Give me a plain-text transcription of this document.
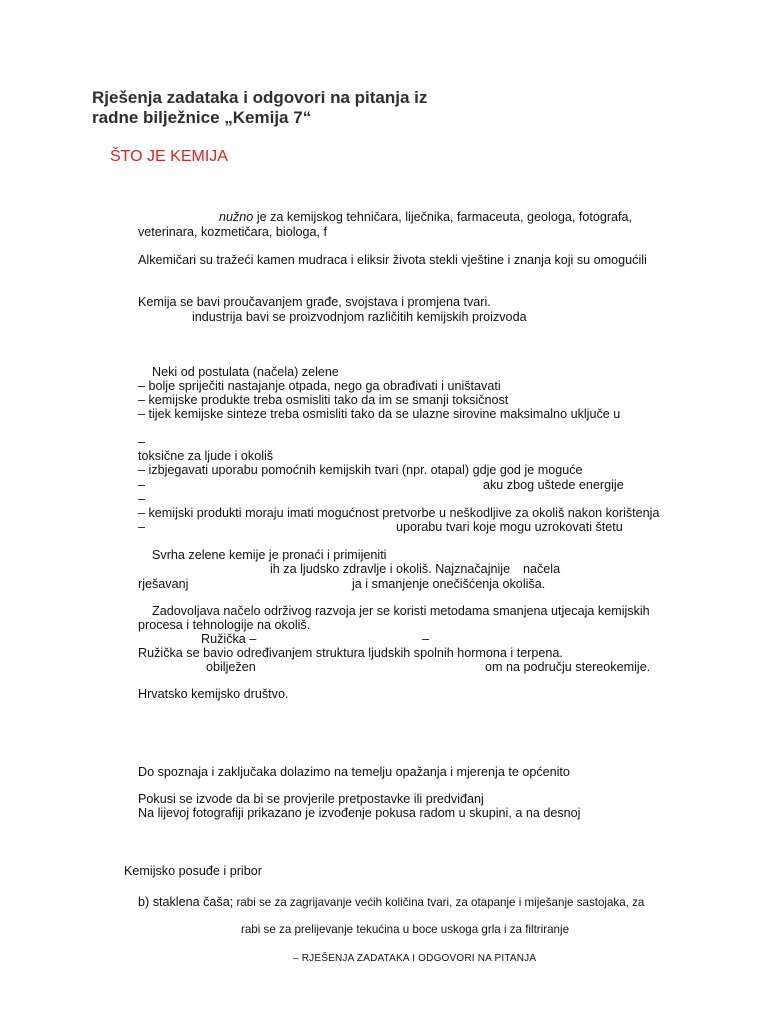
Rješenja zadataka i odgovori na pitanja iz
radne bilježnice „Kemija 7“
ŠTO JE KEMIJA
nužno je za kemijskog tehničara, liječnika, farmaceuta, geologa, fotografa,
veterinara, kozmetičara, biologa, f
Alkemičari su tražeći kamen mudraca i eliksir života stekli vještine i znanja koji su omogućili
Kemija se bavi proučavanjem građe, svojstava i promjena tvari.
industrija bavi se proizvodnjom različitih kemijskih proizvoda
Neki od postulata (načela) zelene
– bolje spriječiti nastajanje otpada, nego ga obrađivati i uništavati
– kemijske produkte treba osmisliti tako da im se smanji toksičnost
– tijek kemijske sinteze treba osmisliti tako da se ulazne sirovine maksimalno uključe u
–
toksične za ljude i okoliš
– izbjegavati uporabu pomoćnih kemijskih tvari (npr. otapal) gdje god je moguće
–	aku zbog uštede energije
–
– kemijski produkti moraju imati mogućnost pretvorbe u neškodljive za okoliš nakon korištenja
–	uporabu tvari koje mogu uzrokovati štetu
Svrha zelene kemije je pronaći i primijeniti
ih za ljudsko zdravlje i okoliš. Najznačajnije načela
rješavanj	ja i smanjenje onečišćenja okoliša.
Zadovoljava načelo održivog razvoja jer se koristi metodama smanjena utjecaja kemijskih
procesa i tehnologije na okoliš.
Ružička –	–
Ružička se bavio određivanjem struktura ljudskih spolnih hormona i terpena.
obilježen	om na području stereokemije.
Hrvatsko kemijsko društvo.
Do spoznaja i zaključaka dolazimo na temelju opažanja i mjerenja te općenito
Pokusi se izvode da bi se provjerile pretpostavke ili predviđanj
Na lijevoj fotografiji prikazano je izvođenje pokusa radom u skupini, a na desnoj
Kemijsko posuđe i pribor
b) staklena čaša; rabi se za zagrijavanje većih količina tvari, za otapanje i miješanje sastojaka, za
rabi se za prelijevanje tekućina u boce uskoga grla i za filtriranje
– RJEŠENJA ZADATAKA I ODGOVORI NA PITANJA
